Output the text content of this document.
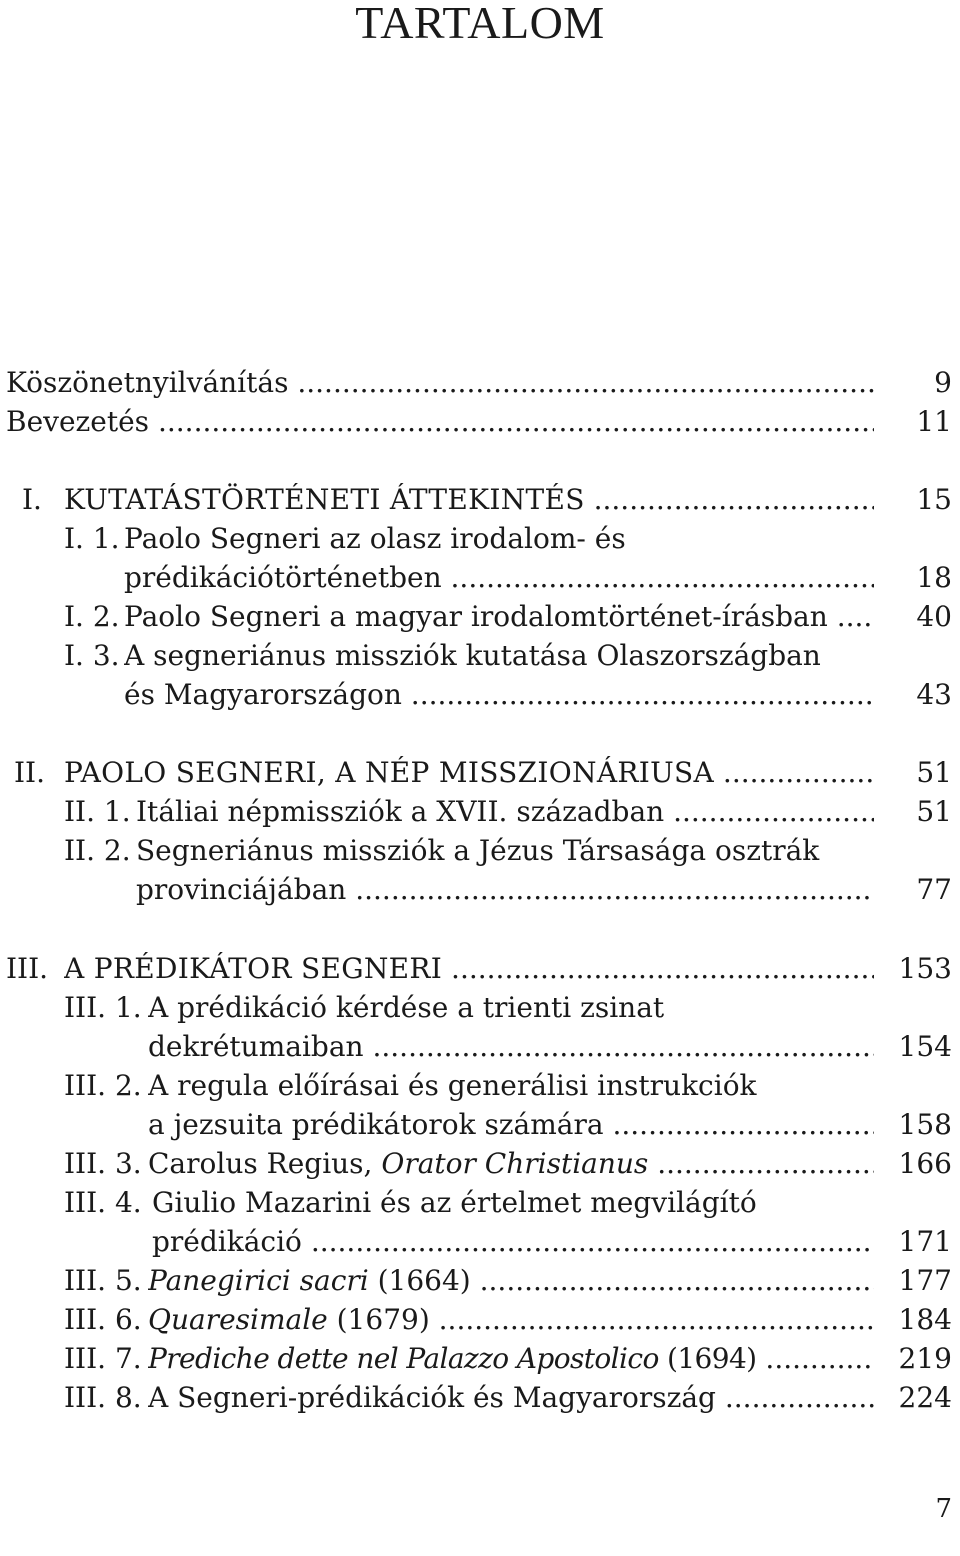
TARTALOM
Köszönetnyilvánítás .....	9
Bevezetés .....	11
I. KUTATÁSTÖRTÉNETI ÁTTEKINTÉS .....	15
I. 1. Paolo Segneri az olasz irodalom- és
prédikációtörténetben .....	18
I. 2. Paolo Segneri a magyar irodalomtörténet-írásban .....	40
I. 3. A segneriánus missziók kutatása Olaszországban
és Magyarországon .....	43
II. PAOLO SEGNERI, A NÉP MISSZIONÁRIUSA .....	51
II. 1. Itáliai népmissziók a XVII. században .....	51
II. 2. Segneriánus missziók a Jézus Társasága osztrák
provinciájában .....	77
III. A PRÉDIKÁTOR SEGNERI .....	153
III. 1. A prédikáció kérdése a trienti zsinat
dekrétumaiban .....	154
III. 2. A regula előírásai és generálisi instrukciók
a jezsuita prédikátorok számára .....	158
III. 3. Carolus Regius, Orator Christianus .....	166
III. 4. Giulio Mazarini és az értelmet megvilágító
prédikáció .....	171
III. 5. Panegirici sacri (1664) .....	177
III. 6. Quaresimale (1679) .....	184
III. 7. Prediche dette nel Palazzo Apostolico (1694) .....	219
III. 8. A Segneri-prédikációk és Magyarország .....	224
7
